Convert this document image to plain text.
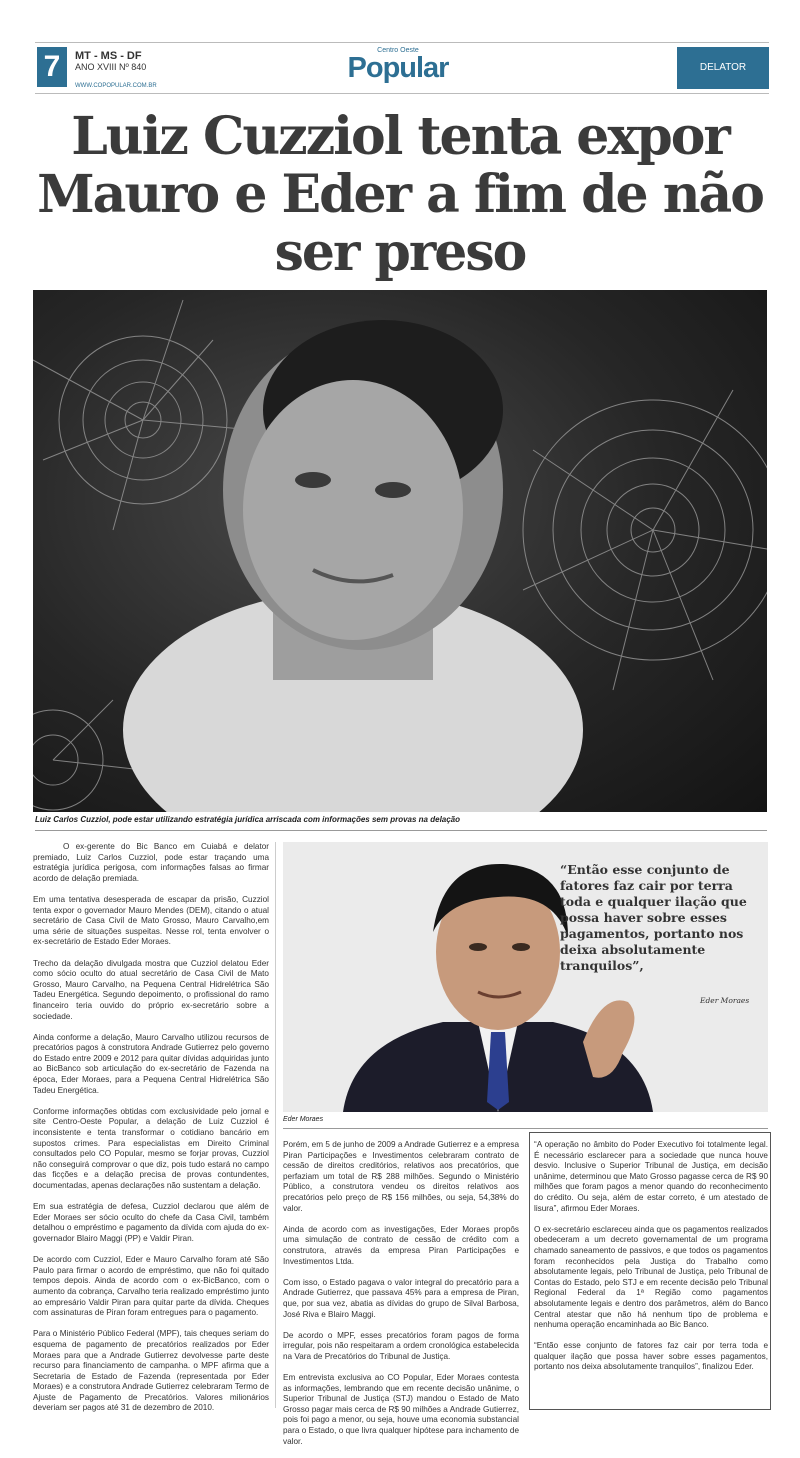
7	MT - MS - DF
ANO XVIII Nº 840
WWW.COPOPULAR.COM.BR
Centro Oeste
Popular	DELATOR
Luiz Cuzziol tenta expor Mauro e Eder a fim de não ser preso
Luiz Carlos Cuzziol, pode estar utilizando estratégia jurídica arriscada com informações sem provas na delação

O ex-gerente do Bic Banco em Cuiabá e delator premiado, Luiz Carlos Cuzziol, pode estar traçando uma estratégia jurídica perigosa, com informações falsas ao firmar acordo de delação premiada.

Em uma tentativa desesperada de escapar da prisão, Cuzziol tenta expor o governador Mauro Mendes (DEM), citando o atual secretário de Casa Civil de Mato Grosso, Mauro Carvalho,em uma série de situações suspeitas. Nesse rol, tenta envolver o ex-secretário de Estado Eder Moraes.

Trecho da delação divulgada mostra que Cuzziol delatou Eder como sócio oculto do atual secretário de Casa Civil de Mato Grosso, Mauro Carvalho, na Pequena Central Hidrelétrica São Tadeu Energética. Segundo depoimento, o profissional do ramo financeiro teria ouvido do próprio ex-secretário sobre a sociedade.

Ainda conforme a delação, Mauro Carvalho utilizou recursos de precatórios pagos à construtora Andrade Gutierrez pelo governo do Estado entre 2009 e 2012 para quitar dívidas adquiridas junto ao BicBanco sob articulação do ex-secretário de Fazenda na época, Eder Moraes, para a Pequena Central Hidrelétrica São Tadeu Energética.

Conforme informações obtidas com exclusividade pelo jornal e site Centro-Oeste Popular, a delação de Luiz Cuzziol é inconsistente e tenta transformar o cotidiano bancário em supostos crimes. Para especialistas em Direito Criminal consultados pelo CO Popular, mesmo se forjar provas, Cuzziol não conseguirá comprovar o que diz, pois tudo estará no campo das ficções e a delação precisa de provas contundentes, documentadas, apenas declarações não sustentam a delação.

Em sua estratégia de defesa, Cuzziol declarou que além de Eder Moraes ser sócio oculto do chefe da Casa Civil, também detalhou o empréstimo e pagamento da dívida com ajuda do ex-governador Blairo Maggi (PP) e Valdir Piran.

De acordo com Cuzziol, Eder e Mauro Carvalho foram até São Paulo para firmar o acordo de empréstimo, que não foi quitado tempos depois. Ainda de acordo com o ex-BicBanco, com o aumento da cobrança, Carvalho teria realizado empréstimo junto ao empresário Valdir Piran para quitar parte da dívida. Cheques com assinaturas de Piran foram entregues para o pagamento.

Para o Ministério Público Federal (MPF), tais cheques seriam do esquema de pagamento de precatórios realizados por Eder Moraes para que a Andrade Gutierrez devolvesse parte deste recurso para financiamento de campanha. o MPF afirma que a Secretaria de Estado de Fazenda (representada por Eder Moraes) e a construtora Andrade Gutierrez celebraram Termo de Ajuste de Pagamento de Precatórios. Valores milionários deveriam ser pagos até 31 de dezembro de 2010.

“Então esse conjunto de fatores faz cair por terra toda e qualquer ilação que possa haver sobre esses pagamentos, portanto nos deixa absolutamente tranquilos”,
Eder Moraes
Eder Moraes

Porém, em 5 de junho de 2009 a Andrade Gutierrez e a empresa Piran Participações e Investimentos celebraram contrato de cessão de direitos creditórios, relativos aos precatórios, que perfaziam um total de R$ 288 milhões. Segundo o Ministério Público, a construtora vendeu os direitos relativos aos precatórios pelo preço de R$ 156 milhões, ou seja, 54,38% do valor.

Ainda de acordo com as investigações, Eder Moraes propôs uma simulação de contrato de cessão de crédito com a construtora, através da empresa Piran Participações e Investimentos Ltda.

Com isso, o Estado pagava o valor integral do precatório para a Andrade Gutierrez, que passava 45% para a empresa de Piran, que, por sua vez, abatia as dívidas do grupo de Silval Barbosa, José Riva e Blairo Maggi.

De acordo o MPF, esses precatórios foram pagos de forma irregular, pois não respeitaram a ordem cronológica estabelecida na Vara de Precatórios do Tribunal de Justiça.

Em entrevista exclusiva ao CO Popular, Eder Moraes contesta as informações, lembrando que em recente decisão unânime, o Superior Tribunal de Justiça (STJ) mandou o Estado de Mato Grosso pagar mais cerca de R$ 90 milhões a Andrade Gutierrez, pois foi pago a menor, ou seja, houve uma economia substancial para o Estado, o que livra qualquer hipótese para inchamento de valor.

“A operação no âmbito do Poder Executivo foi totalmente legal. É necessário esclarecer para a sociedade que nunca houve desvio. Inclusive o Superior Tribunal de Justiça, em decisão unânime, determinou que Mato Grosso pagasse cerca de R$ 90 milhões que foram pagos a menor quando do reconhecimento do crédito. Ou seja, além de estar correto, é um atestado de lisura”, afirmou Eder Moraes.

O ex-secretário esclareceu ainda que os pagamentos realizados obedeceram a um decreto governamental de um programa chamado saneamento de passivos, e que todos os pagamentos foram reconhecidos pela Justiça do Trabalho como absolutamente legais, pelo Tribunal de Justiça, pelo Tribunal de Contas do Estado, pelo STJ e em recente decisão pelo Tribunal Regional Federal da 1ª Região como pagamentos absolutamente legais e dentro dos parâmetros, além do Banco Central atestar que não há nenhum tipo de problema e nenhuma operação encaminhada ao Bic Banco.

“Então esse conjunto de fatores faz cair por terra toda e qualquer ilação que possa haver sobre esses pagamentos, portanto nos deixa absolutamente tranquilos”, finalizou Eder.
